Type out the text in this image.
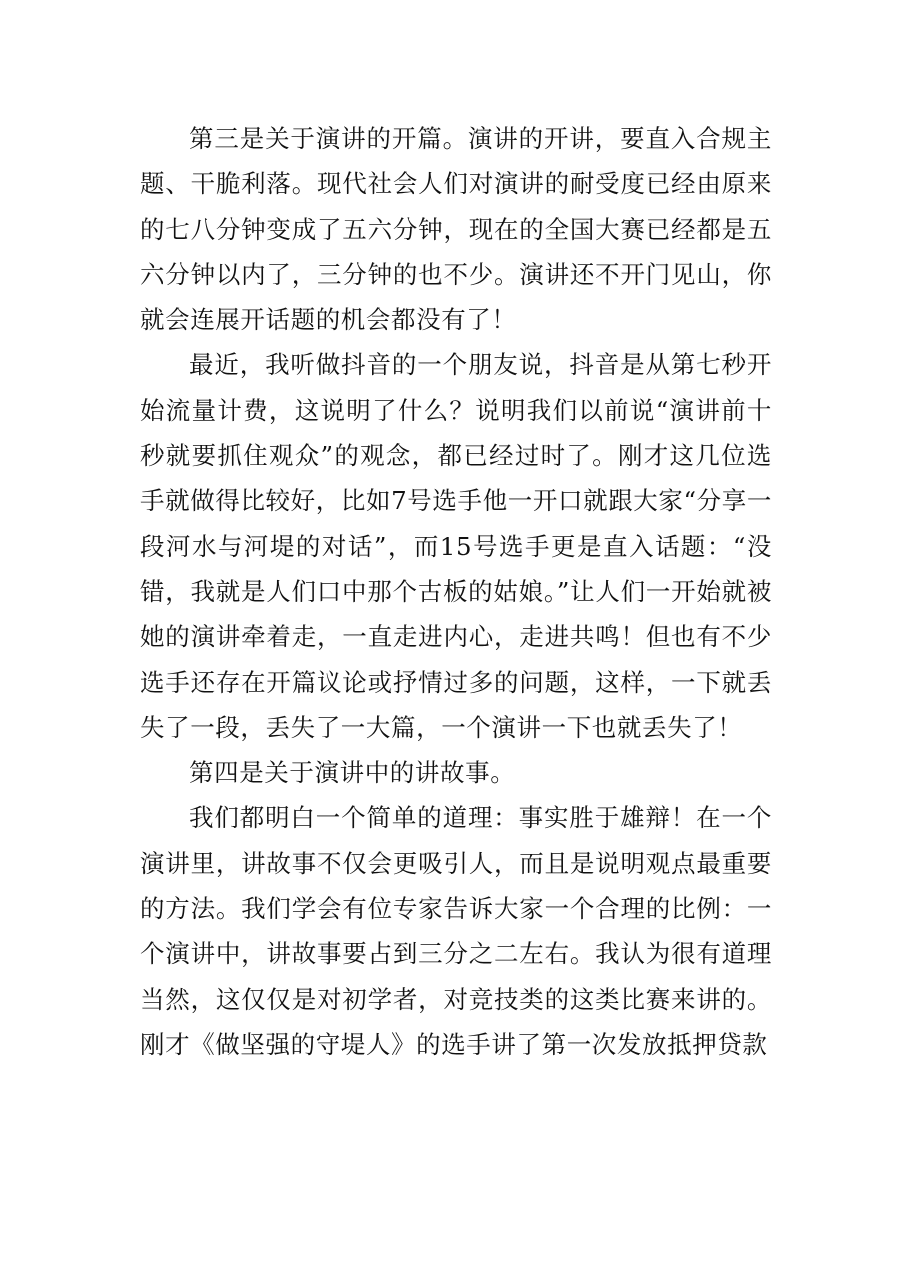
第三是关于演讲的开篇。演讲的开讲，要直入合规主题、干脆利落。现代社会人们对演讲的耐受度已经由原来的七八分钟变成了五六分钟，现在的全国大赛已经都是五六分钟以内了，三分钟的也不少。演讲还不开门见山，你就会连展开话题的机会都没有了！

最近，我听做抖音的一个朋友说，抖音是从第七秒开始流量计费，这说明了什么？说明我们以前说“演讲前十秒就要抓住观众”的观念，都已经过时了。刚才这几位选手就做得比较好，比如7号选手他一开口就跟大家“分享一段河水与河堤的对话”，而15号选手更是直入话题：“没错，我就是人们口中那个古板的姑娘。”让人们一开始就被她的演讲牵着走，一直走进内心，走进共鸣！但也有不少选手还存在开篇议论或抒情过多的问题，这样，一下就丢失了一段，丢失了一大篇，一个演讲一下也就丢失了！

第四是关于演讲中的讲故事。

我们都明白一个简单的道理：事实胜于雄辩！在一个演讲里，讲故事不仅会更吸引人，而且是说明观点最重要的方法。我们学会有位专家告诉大家一个合理的比例：一个演讲中，讲故事要占到三分之二左右。我认为很有道理当然，这仅仅是对初学者，对竞技类的这类比赛来讲的。刚才《做坚强的守堤人》的选手讲了第一次发放抵押贷款
